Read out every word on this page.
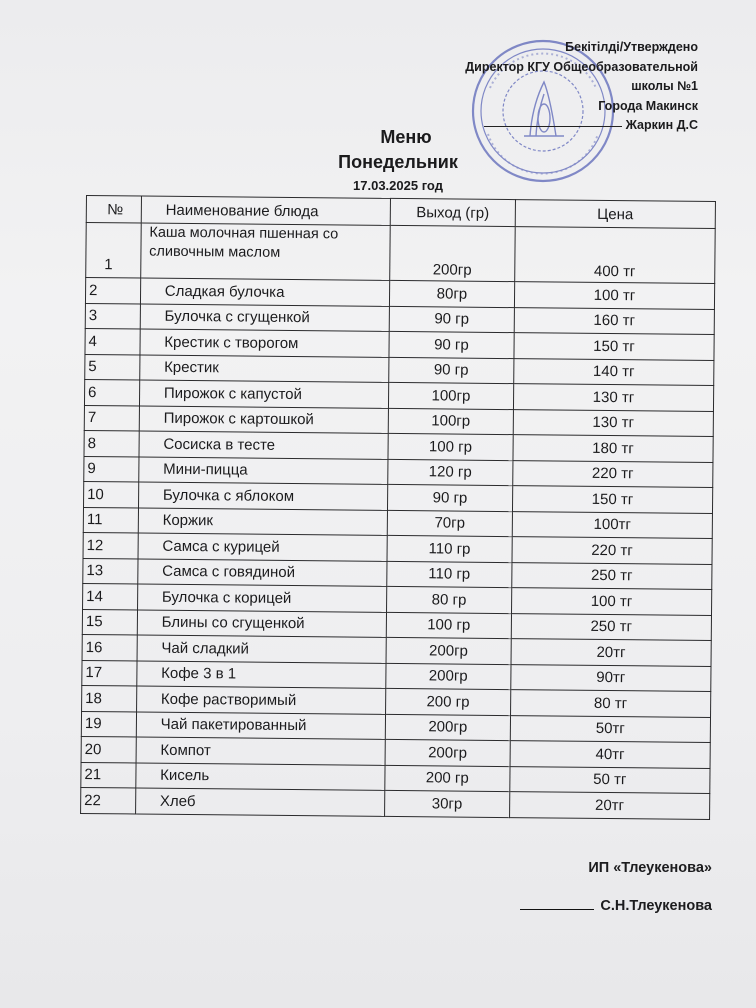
Бекітілді/Утверждено
Директор КГУ Общеобразовательной
школы №1
Города Макинск
Жаркин Д.С
Меню
Понедельник
17.03.2025 год
№	Наименование блюда	Выход (гр)	Цена
1	Каша молочная пшенная со сливочным маслом	200гр	400 тг
2	Сладкая булочка	80гр	100 тг
3	Булочка с сгущенкой	90 гр	160 тг
4	Крестик с творогом	90 гр	150 тг
5	Крестик	90 гр	140 тг
6	Пирожок с капустой	100гр	130 тг
7	Пирожок с картошкой	100гр	130 тг
8	Сосиска в тесте	100 гр	180 тг
9	Мини-пицца	120 гр	220 тг
10	Булочка с яблоком	90 гр	150 тг
11	Коржик	70гр	100тг
12	Самса с курицей	110 гр	220 тг
13	Самса с говядиной	110 гр	250 тг
14	Булочка с корицей	80 гр	100 тг
15	Блины со сгущенкой	100 гр	250 тг
16	Чай сладкий	200гр	20тг
17	Кофе 3 в 1	200гр	90тг
18	Кофе растворимый	200 гр	80 тг
19	Чай пакетированный	200гр	50тг
20	Компот	200гр	40тг
21	Кисель	200 гр	50 тг
22	Хлеб	30гр	20тг
ИП «Тлеукенова»
С.Н.Тлеукенова
